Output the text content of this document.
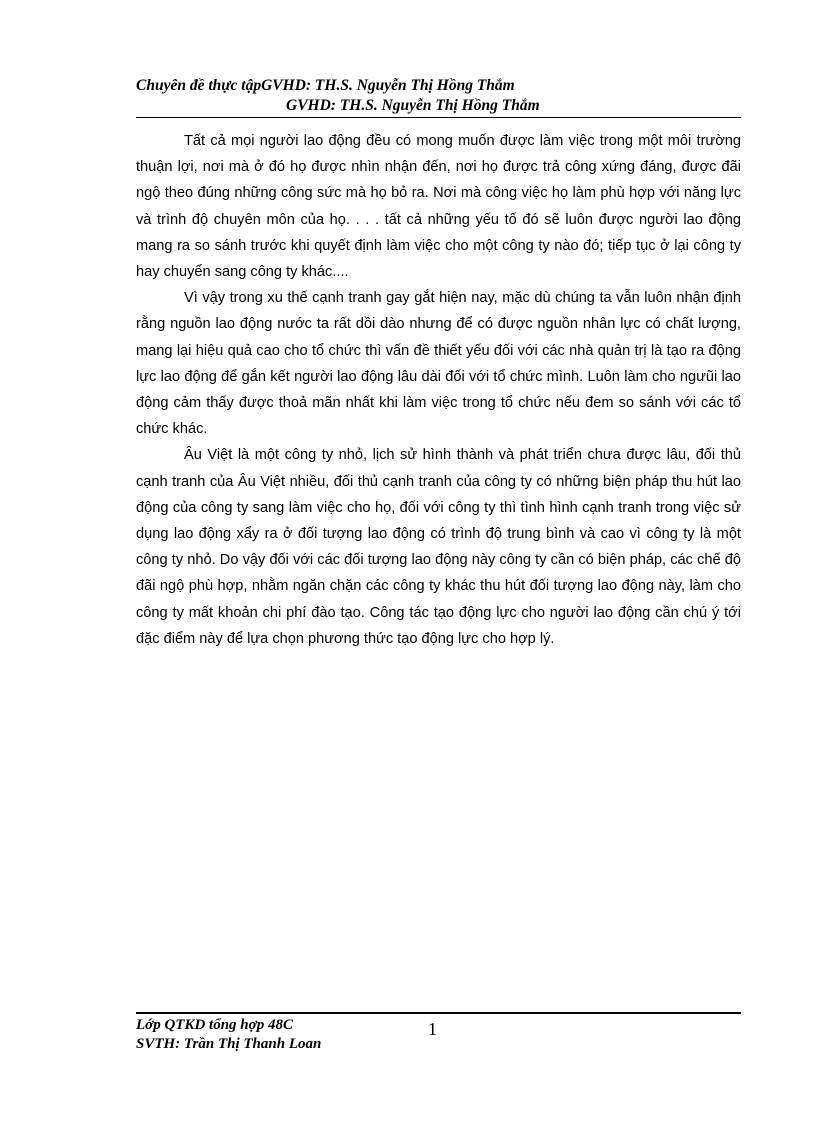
Chuyên đề thực tậpGVHD: TH.S. Nguyễn Thị Hồng Thắm
GVHD: TH.S. Nguyễn Thị Hồng Thắm

Tất cả mọi người lao động đều có mong muốn được làm việc trong một môi trường thuận lợi, nơi mà ở đó họ được nhìn nhận đến, nơi họ được trả công xứng đáng, được đãi ngộ theo đúng những công sức mà họ bỏ ra. Nơi mà công việc họ làm phù hợp với năng lực và trình độ chuyên môn của họ. . . . tất cả những yếu tố đó sẽ luôn được người lao động mang ra so sánh trước khi quyết định làm việc cho một công ty nào đó; tiếp tục ở lại công ty hay chuyển sang công ty khác....

Vì vậy trong xu thế cạnh tranh gay gắt hiện nay, mặc dù chúng ta vẫn luôn nhận định rằng nguồn lao động nước ta rất dồi dào nhưng để có được nguồn nhân lực có chất lượng, mang lại hiệu quả cao cho tổ chức thì vấn đề thiết yếu đối với các nhà quản trị là tạo ra động lực lao động để gắn kết người lao động lâu dài đối với tổ chức mình. Luôn làm cho ngưũi lao động cảm thấy được thoả mãn nhất khi làm việc trong tổ chức nếu đem so sánh với các tổ chức khác.

Âu Việt là một công ty nhỏ, lịch sử hình thành và phát triển chưa được lâu, đối thủ cạnh tranh của Âu Việt nhiều, đối thủ cạnh tranh của công ty có những biện pháp thu hút lao động của công ty sang làm việc cho họ, đối với công ty thì tình hình cạnh tranh trong việc sử dụng lao động xẩy ra ở đối tượng lao động có trình độ trung bình và cao vì công ty là một công ty nhỏ. Do vậy đối với các đối tượng lao động này công ty cần có biện pháp, các chế độ đãi ngộ phù hợp, nhằm ngăn chặn các công ty khác thu hút đối tượng lao động này, làm cho công ty mất khoản chi phí đào tạo. Công tác tạo động lực cho người lao động cần chú ý tới đặc điểm này để lựa chọn phương thức tạo động lực cho hợp lý.

Lớp QTKD tổng hợp 48C
SVTH: Trần Thị Thanh Loan
1
